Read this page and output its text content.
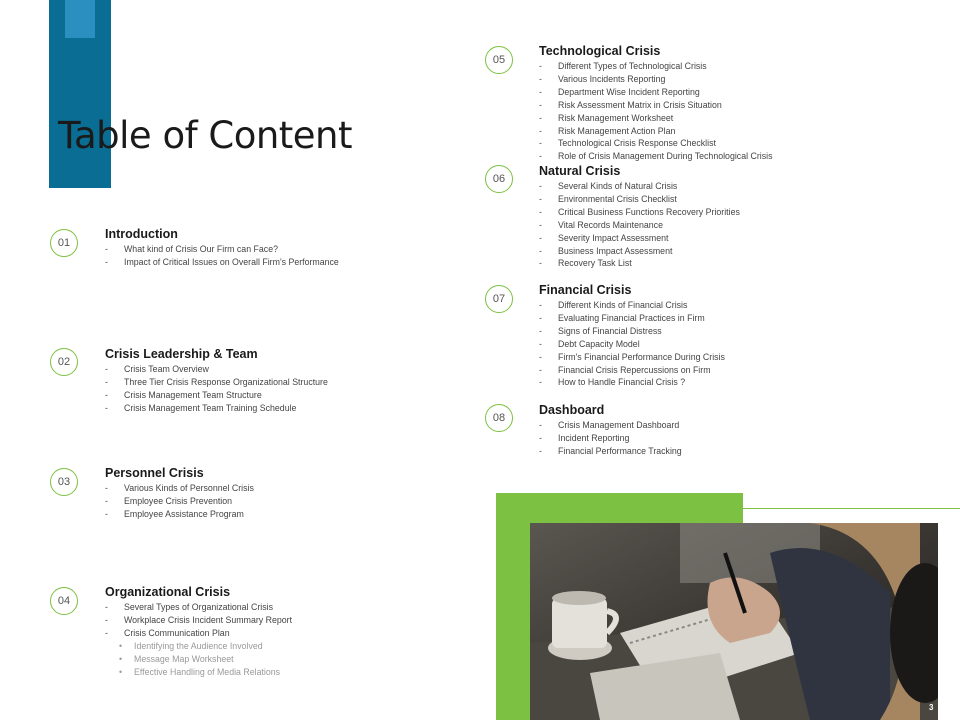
Table of Content
01
Introduction
- What kind of Crisis Our Firm can Face?
- Impact of Critical Issues on Overall Firm's Performance
02
Crisis Leadership & Team
- Crisis Team Overview
- Three Tier Crisis Response Organizational Structure
- Crisis Management Team Structure
- Crisis Management Team Training Schedule
03
Personnel Crisis
- Various Kinds of Personnel Crisis
- Employee Crisis Prevention
- Employee Assistance Program
04
Organizational Crisis
- Several Types of Organizational Crisis
- Workplace Crisis Incident Summary Report
- Crisis Communication Plan
• Identifying the Audience Involved
• Message Map Worksheet
• Effective Handling of Media Relations
05
Technological Crisis
- Different Types of Technological Crisis
- Various Incidents Reporting
- Department Wise Incident Reporting
- Risk Assessment Matrix in Crisis Situation
- Risk Management Worksheet
- Risk Management Action Plan
- Technological Crisis Response Checklist
- Role of Crisis Management During Technological Crisis
06
Natural Crisis
- Several Kinds of Natural Crisis
- Environmental Crisis Checklist
- Critical Business Functions Recovery Priorities
- Vital Records Maintenance
- Severity Impact Assessment
- Business Impact Assessment
- Recovery Task List
07
Financial Crisis
- Different Kinds of Financial Crisis
- Evaluating Financial Practices in Firm
- Signs of Financial Distress
- Debt Capacity Model
- Firm's Financial Performance During Crisis
- Financial Crisis Repercussions on Firm
- How to Handle Financial Crisis ?
08
Dashboard
- Crisis Management Dashboard
- Incident Reporting
- Financial Performance Tracking
3
